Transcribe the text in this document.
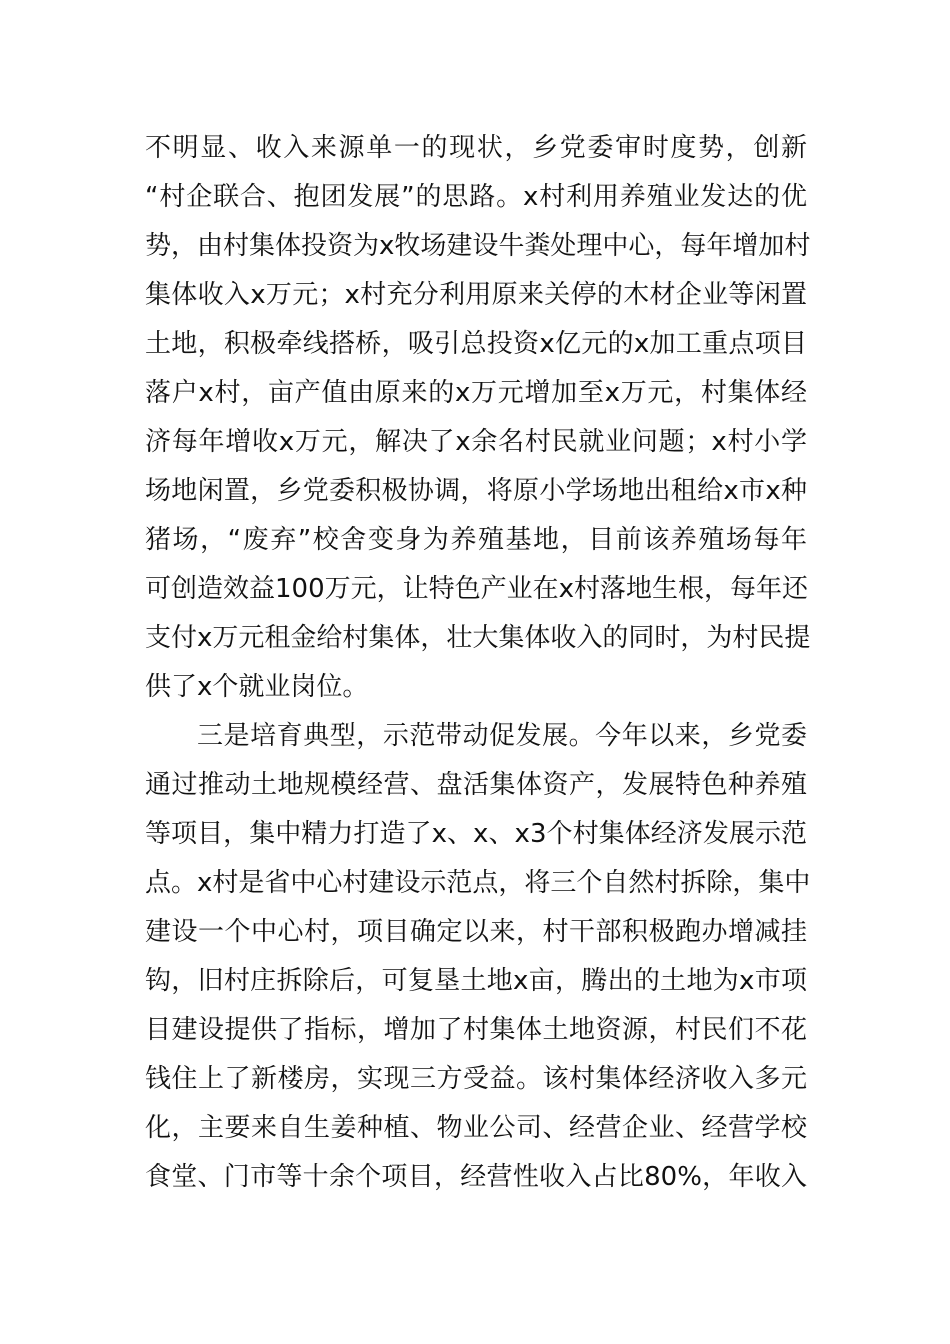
不明显、收入来源单一的现状，乡党委审时度势，创新
“村企联合、抱团发展”的思路。x村利用养殖业发达的优
势，由村集体投资为x牧场建设牛粪处理中心，每年增加村
集体收入x万元；x村充分利用原来关停的木材企业等闲置
土地，积极牵线搭桥，吸引总投资x亿元的x加工重点项目
落户x村，亩产值由原来的x万元增加至x万元，村集体经
济每年增收x万元，解决了x余名村民就业问题；x村小学
场地闲置，乡党委积极协调，将原小学场地出租给x市x种
猪场，“废弃”校舍变身为养殖基地，目前该养殖场每年
可创造效益100万元，让特色产业在x村落地生根，每年还
支付x万元租金给村集体，壮大集体收入的同时，为村民提
供了x个就业岗位。
三是培育典型，示范带动促发展。今年以来，乡党委
通过推动土地规模经营、盘活集体资产，发展特色种养殖
等项目，集中精力打造了x、x、x3个村集体经济发展示范
点。x村是省中心村建设示范点，将三个自然村拆除，集中
建设一个中心村，项目确定以来，村干部积极跑办增减挂
钩，旧村庄拆除后，可复垦土地x亩，腾出的土地为x市项
目建设提供了指标，增加了村集体土地资源，村民们不花
钱住上了新楼房，实现三方受益。该村集体经济收入多元
化，主要来自生姜种植、物业公司、经营企业、经营学校
食堂、门市等十余个项目，经营性收入占比80%，年收入
